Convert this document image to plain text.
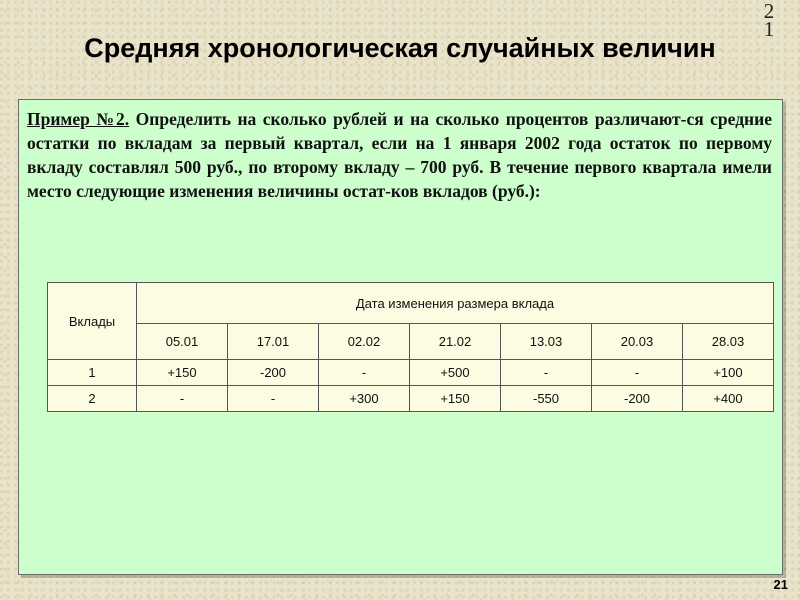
2 1
Средняя хронологическая случайных величин
Пример №2. Определить на сколько рублей и на сколько процентов различают-ся средние остатки по вкладам за первый квартал, если на 1 января 2002 года остаток по первому вкладу составлял 500 руб., по второму вкладу – 700 руб. В течение первого квартала имели место следующие изменения величины остат-ков вкладов (руб.):
Вклады	Дата изменения размера вклада						
	05.01	17.01	02.02	21.02	13.03	20.03	28.03
1	+150	-200	-	+500	-	-	+100
2	-	-	+300	+150	-550	-200	+400
21
